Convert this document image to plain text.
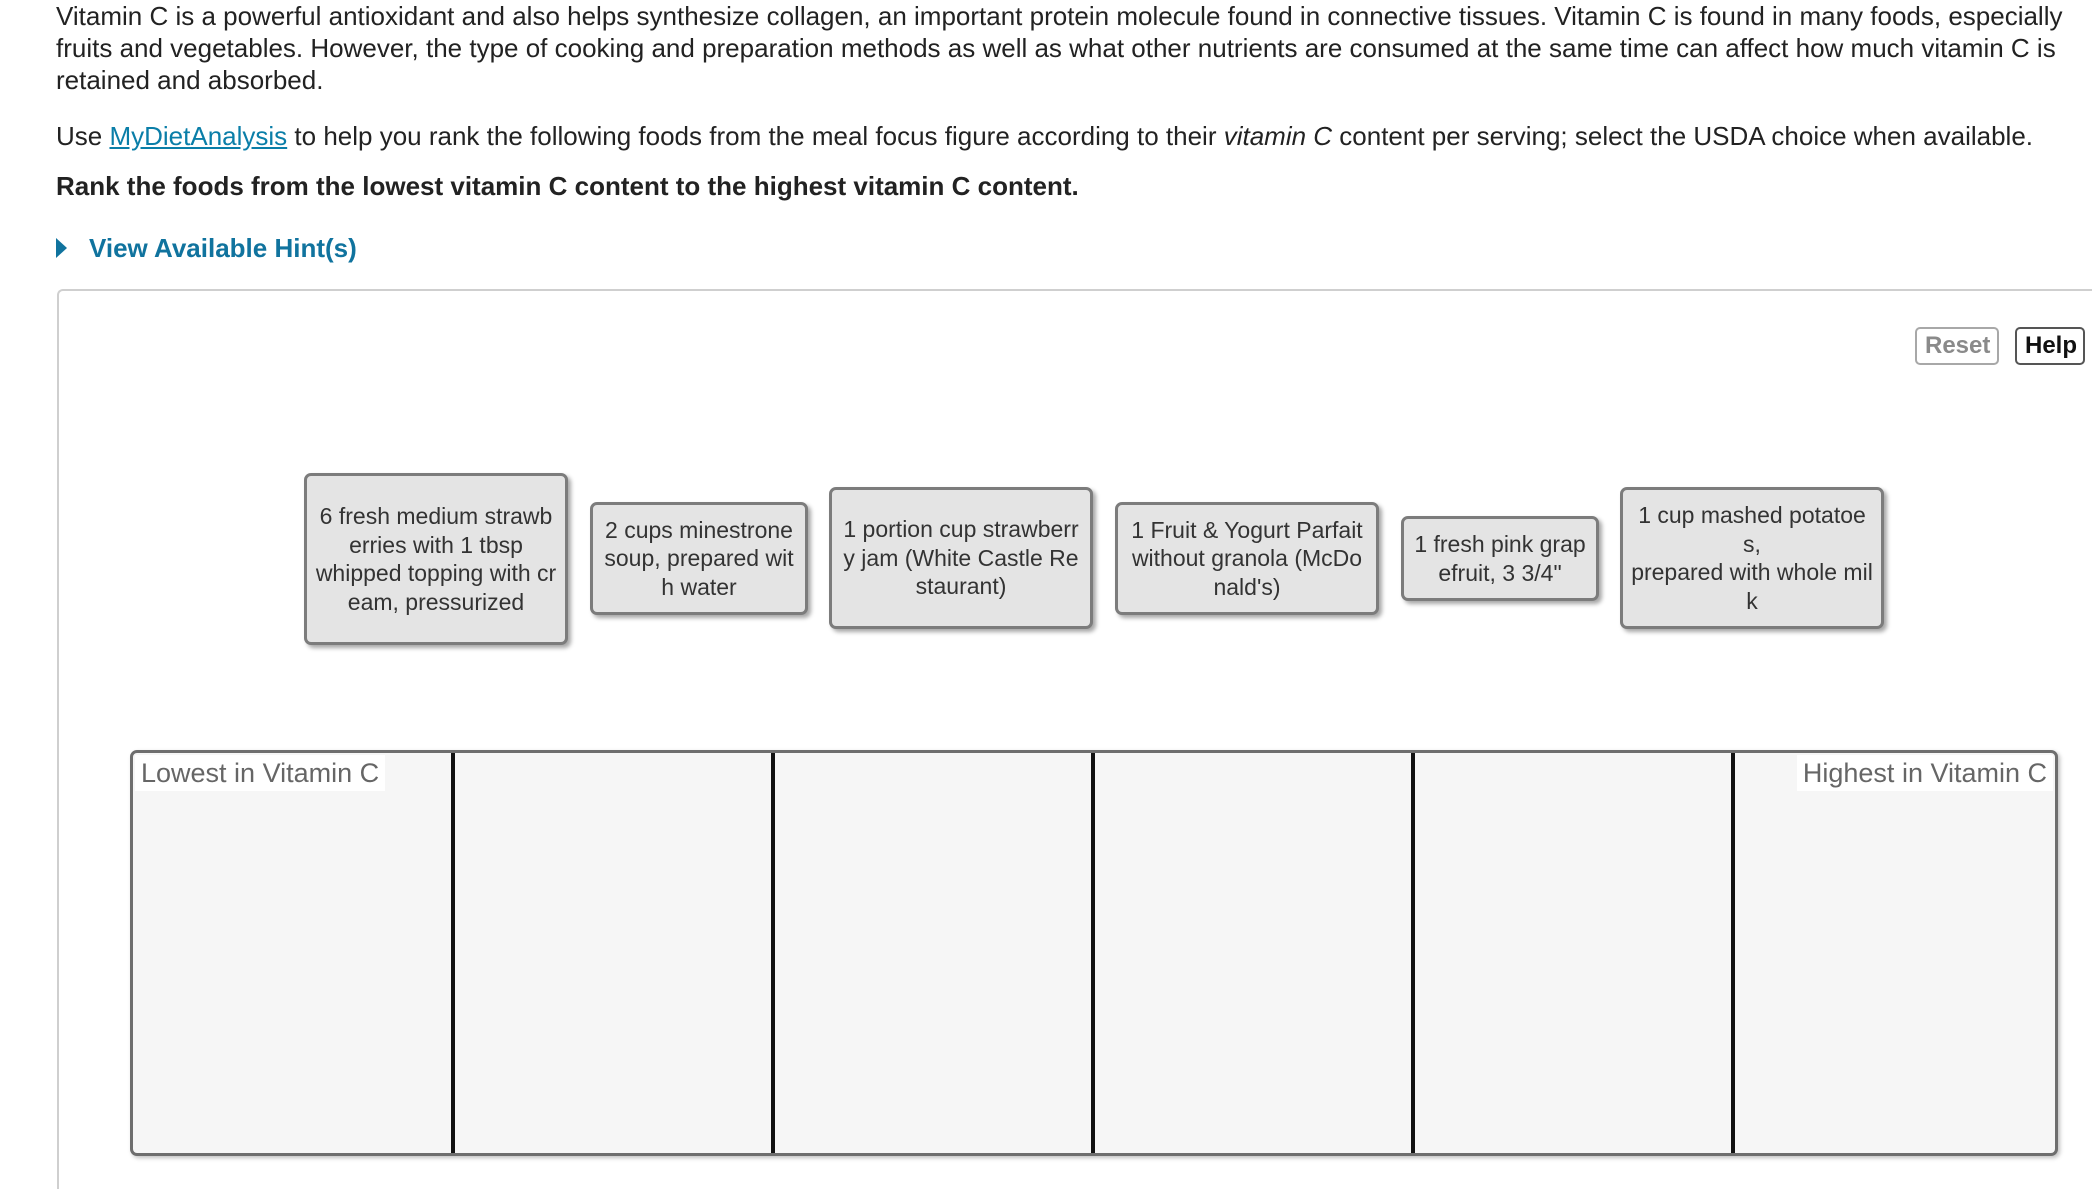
Vitamin C is a powerful antioxidant and also helps synthesize collagen, an important protein molecule found in connective tissues. Vitamin C is found in many foods, especially fruits and vegetables. However, the type of cooking and preparation methods as well as what other nutrients are consumed at the same time can affect how much vitamin C is retained and absorbed.

Use MyDietAnalysis to help you rank the following foods from the meal focus figure according to their vitamin C content per serving; select the USDA choice when available.

Rank the foods from the lowest vitamin C content to the highest vitamin C content.

View Available Hint(s)
Reset	Help
6 fresh medium strawberries with 1 tbsp
whipped topping with cream, pressurized
2 cups minestrone soup, prepared with water
1 portion cup strawberry jam (White Castle Restaurant)
1 Fruit & Yogurt Parfait without granola (McDonald's)
1 fresh pink grapefruit, 3 3/4"
1 cup mashed potatoes,
prepared with whole milk
Lowest in Vitamin C	Highest in Vitamin C
